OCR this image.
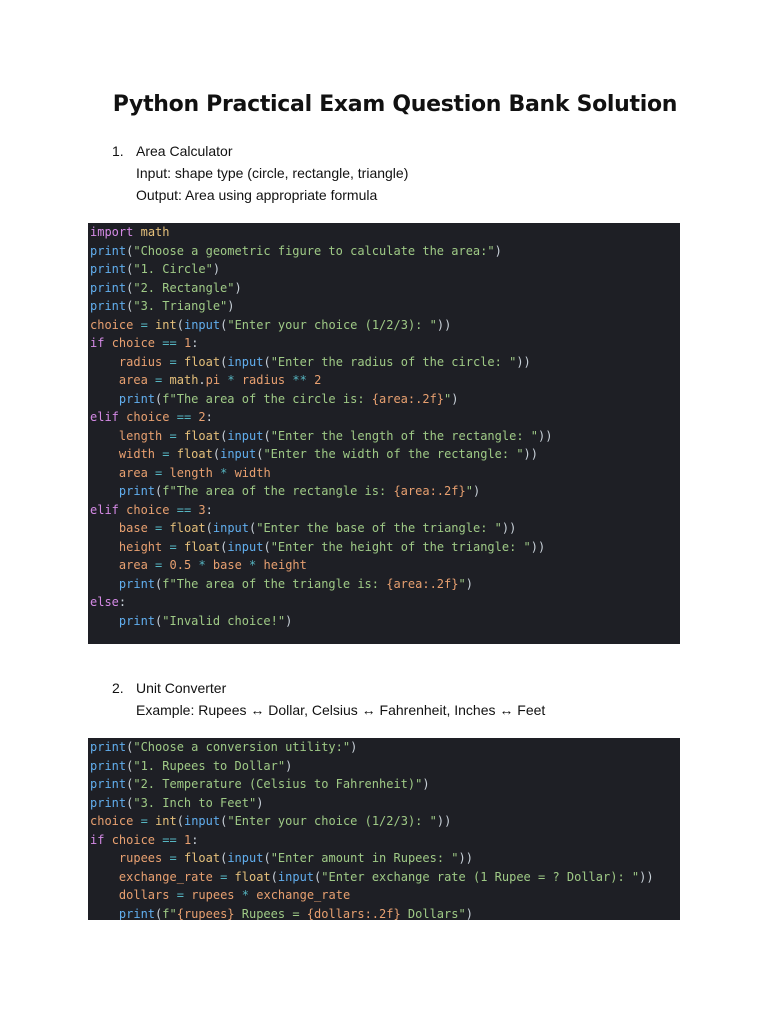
Python Practical Exam Question Bank Solution
1. Area Calculator
Input: shape type (circle, rectangle, triangle)
Output: Area using appropriate formula
import math
print("Choose a geometric figure to calculate the area:")
print("1. Circle")
print("2. Rectangle")
print("3. Triangle")
choice = int(input("Enter your choice (1/2/3): "))
if choice == 1:
radius = float(input("Enter the radius of the circle: "))
area = math.pi * radius ** 2
print(f"The area of the circle is: {area:.2f}")
elif choice == 2:
length = float(input("Enter the length of the rectangle: "))
width = float(input("Enter the width of the rectangle: "))
area = length * width
print(f"The area of the rectangle is: {area:.2f}")
elif choice == 3:
base = float(input("Enter the base of the triangle: "))
height = float(input("Enter the height of the triangle: "))
area = 0.5 * base * height
print(f"The area of the triangle is: {area:.2f}")
else:
print("Invalid choice!")
2. Unit Converter
Example: Rupees ↔ Dollar, Celsius ↔ Fahrenheit, Inches ↔ Feet
print("Choose a conversion utility:")
print("1. Rupees to Dollar")
print("2. Temperature (Celsius to Fahrenheit)")
print("3. Inch to Feet")
choice = int(input("Enter your choice (1/2/3): "))
if choice == 1:
rupees = float(input("Enter amount in Rupees: "))
exchange_rate = float(input("Enter exchange rate (1 Rupee = ? Dollar): "))
dollars = rupees * exchange_rate
print(f"{rupees} Rupees = {dollars:.2f} Dollars")
